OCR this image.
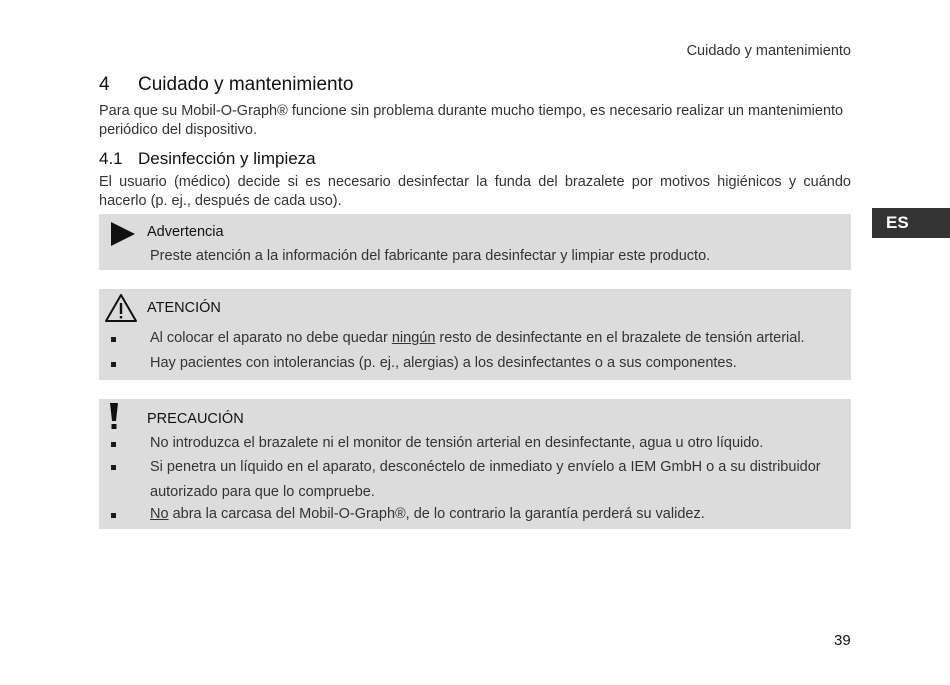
Cuidado y mantenimiento
ES
4 Cuidado y mantenimiento
Para que su Mobil-O-Graph® funcione sin problema durante mucho tiempo, es necesario realizar un mantenimiento
periódico del dispositivo.
4.1 Desinfección y limpieza
El usuario (médico) decide si es necesario desinfectar la funda del brazalete por motivos higiénicos y cuándo
hacerlo (p. ej., después de cada uso).
Advertencia
Preste atención a la información del fabricante para desinfectar y limpiar este producto.
ATENCIÓN
Al colocar el aparato no debe quedar ningún resto de desinfectante en el brazalete de tensión arterial.
Hay pacientes con intolerancias (p. ej., alergias) a los desinfectantes o a sus componentes.
PRECAUCIÓN
No introduzca el brazalete ni el monitor de tensión arterial en desinfectante, agua u otro líquido.
Si penetra un líquido en el aparato, desconéctelo de inmediato y envíelo a IEM GmbH o a su distribuidor
autorizado para que lo compruebe.
No abra la carcasa del Mobil-O-Graph®, de lo contrario la garantía perderá su validez.
39
